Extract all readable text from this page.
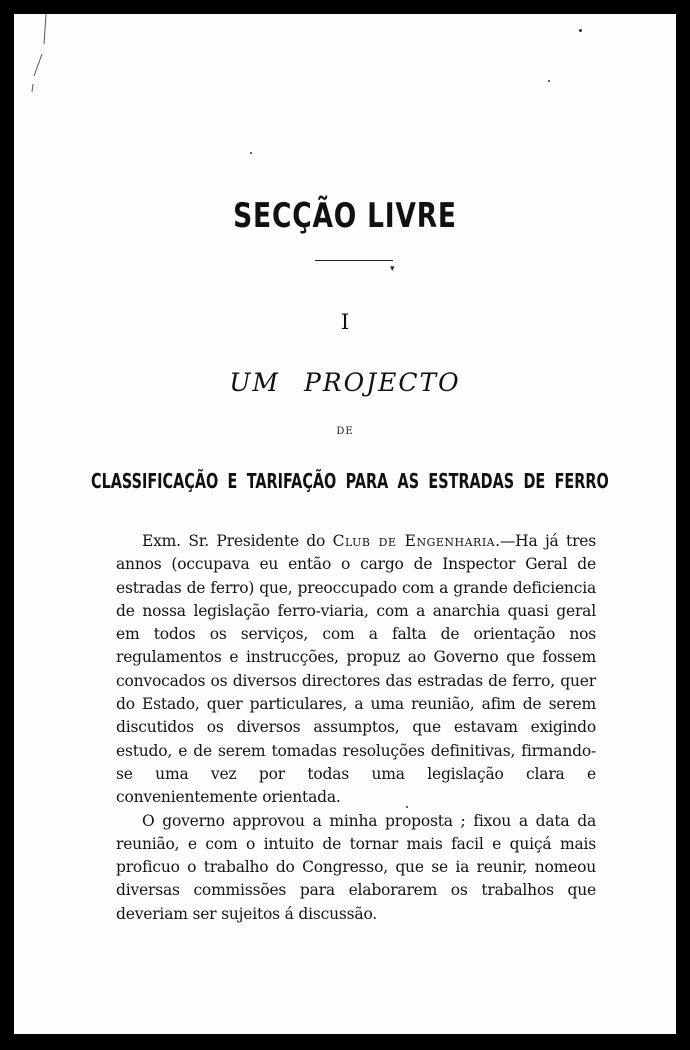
SECÇÃO LIVRE
▾
I
UM PROJECTO
DE
CLASSIFICAÇÃO E TARIFAÇÃO PARA AS ESTRADAS DE FERRO

Exm. Sr. Presidente do Club de Engenharia.—Ha já tres annos (occupava eu então o cargo de Inspector Geral de estradas de ferro) que, preoccupado com a grande deficiencia de nossa legislação ferro-viaria, com a anarchia quasi geral em todos os serviços, com a falta de orientação nos regulamentos e instrucções, propuz ao Governo que fossem convocados os diversos directores das estradas de ferro, quer do Estado, quer particulares, a uma reunião, afim de serem discutidos os diversos assumptos, que estavam exigindo estudo, e de serem tomadas resoluções definitivas, firmando-se uma vez por todas uma legislação clara e convenientemente orientada.

O governo approvou a minha proposta ; fixou a data da reunião, e com o intuito de tornar mais facil e quiçá mais proficuo o trabalho do Congresso, que se ia reunir, nomeou diversas commissões para elaborarem os trabalhos que deveriam ser sujeitos á discussão.
